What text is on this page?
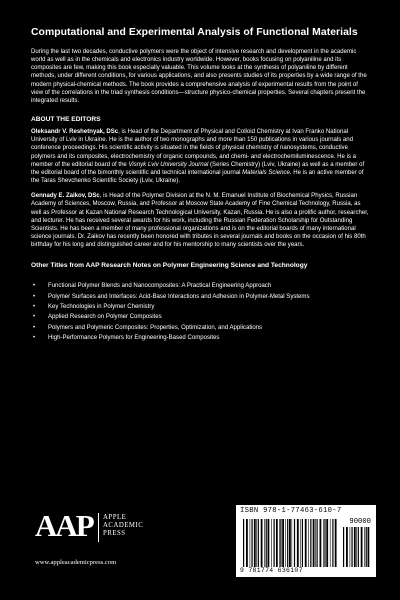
Computational and Experimental Analysis of Functional Materials

During the last two decades, conductive polymers were the object of intensive research and development in the academic world as well as in the chemicals and electronics industry worldwide. However, books focusing on polyaniline and its composites are few, making this book especially valuable. This volume looks at the synthesis of polyaniline by different methods, under different conditions, for various applications, and also presents studies of its properties by a wide range of the modern physical-chemical methods. The book provides a comprehensive analysis of experimental results from the point of view of the correlations in the triad synthesis conditions—structure physico-chemical properties. Several chapters present the integrated results.

ABOUT THE EDITORS

Oleksandr V. Reshetnyak, DSc, is Head of the Department of Physical and Colloid Chemistry at Ivan Franko National University of Lviv in Ukraine. He is the author of two monographs and more than 150 publications in various journals and conference proceedings. His scientific activity is situated in the fields of physical chemistry of nanosystems, conductive polymers and its composites, electrochemistry of organic compounds, and chemi- and electrochemiluminescence. He is a member of the editorial board of the Visnyk Lviv University Journal (Series Chemistry) (Lviv, Ukraine) as well as a member of the editorial board of the bimonthly scientific and technical international journal Materials Science. He is an active member of the Taras Shevchenko Scientific Society (Lviv, Ukraine).

Gennady E. Zaikov, DSc, is Head of the Polymer Division at the N. M. Emanuel Institute of Biochemical Physics, Russian Academy of Sciences, Moscow, Russia, and Professor at Moscow State Academy of Fine Chemical Technology, Russia, as well as Professor at Kazan National Research Technological University, Kazan, Russia. He is also a prolific author, researcher, and lecturer. He has received several awards for his work, including the Russian Federation Scholarship for Outstanding Scientists. He has been a member of many professional organizations and is on the editorial boards of many international science journals. Dr. Zaikov has recently been honored with tributes in several journals and books on the occasion of his 80th birthday for his long and distinguished career and for his mentorship to many scientists over the years.

Other Titles from AAP Research Notes on Polymer Engineering Science and Technology
• Functional Polymer Blends and Nanocomposites: A Practical Engineering Approach
• Polymer Surfaces and Interfaces: Acid-Base Interactions and Adhesion in Polymer-Metal Systems
• Key Technologies in Polymer Chemistry
• Applied Research on Polymer Composites
• Polymers and Polymeric Composites: Properties, Optimization, and Applications
• High-Performance Polymers for Engineering-Based Composites
AAP APPLE
ACADEMIC
PRESS
www.appleacademicpress.com
ISBN 978-1-77463-610-7
90000
9 781774 636107
